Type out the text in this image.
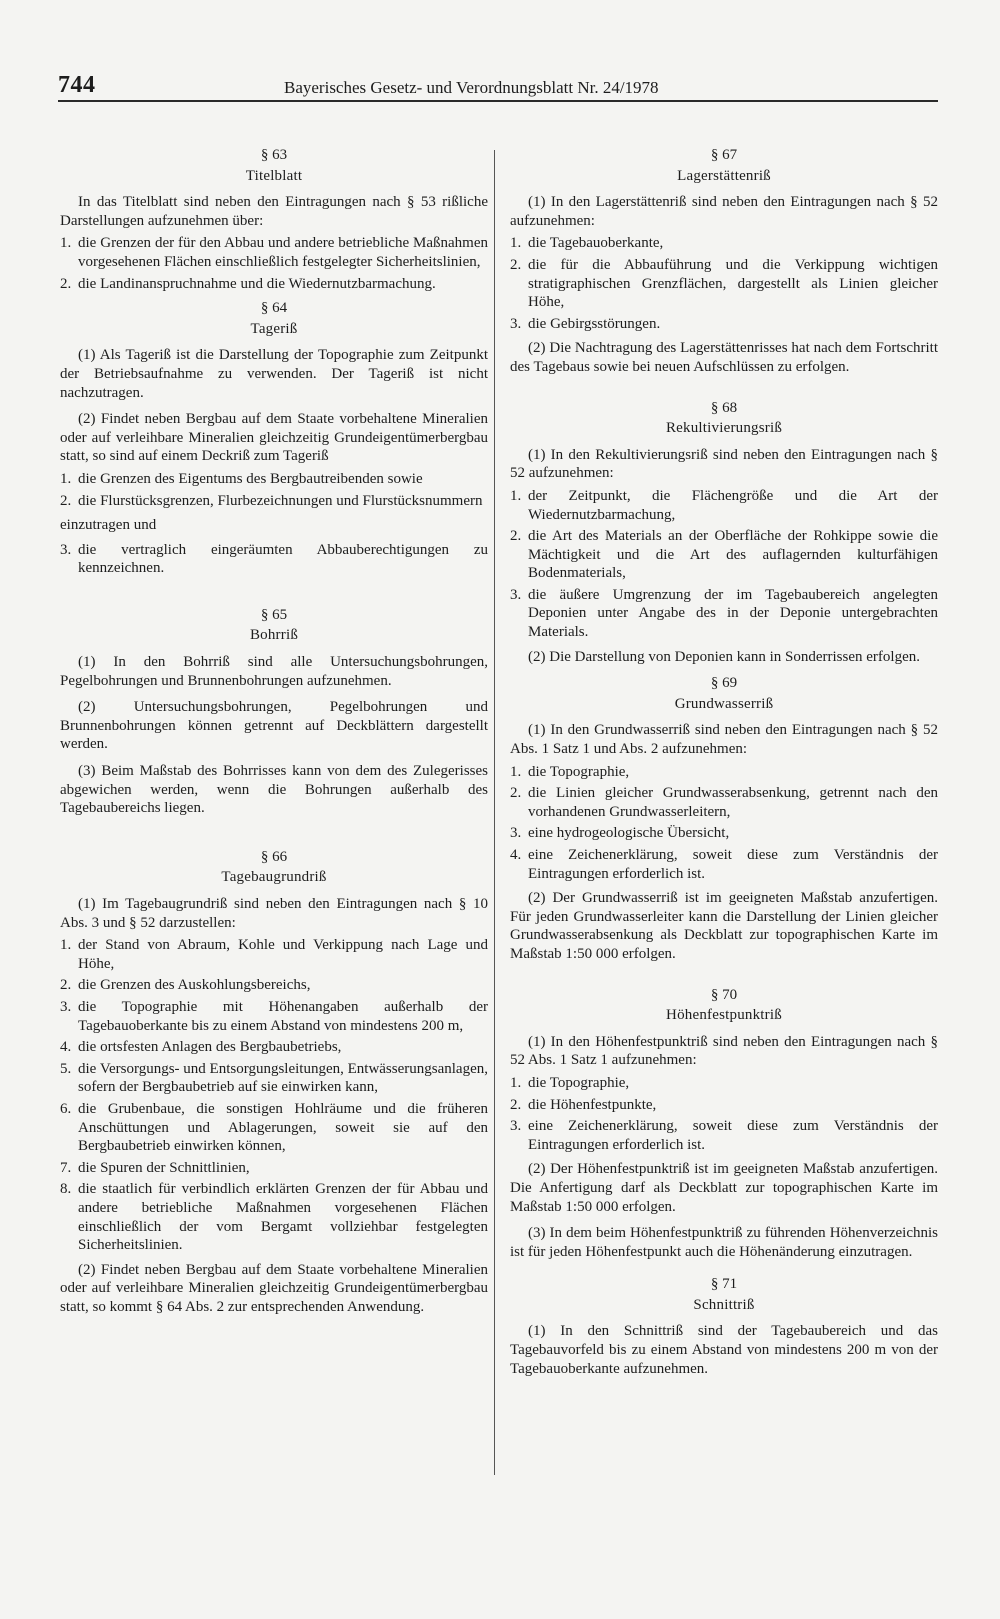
744	Bayerisches Gesetz- und Verordnungsblatt Nr. 24/1978
§ 63
Titelblatt

In das Titelblatt sind neben den Eintragungen nach § 53 rißliche Darstellungen aufzunehmen über:

1. die Grenzen der für den Abbau und andere betriebliche Maßnahmen vorgesehenen Flächen einschließlich festgelegter Sicherheitslinien,
2. die Landinanspruchnahme und die Wiedernutzbarmachung.
§ 64
Tageriß

(1) Als Tageriß ist die Darstellung der Topographie zum Zeitpunkt der Betriebsaufnahme zu verwenden. Der Tageriß ist nicht nachzutragen.

(2) Findet neben Bergbau auf dem Staate vorbehaltene Mineralien oder auf verleihbare Mineralien gleichzeitig Grundeigentümerbergbau statt, so sind auf einem Deckriß zum Tageriß

1. die Grenzen des Eigentums des Bergbautreibenden sowie
2. die Flurstücksgrenzen, Flurbezeichnungen und Flurstücksnummern

einzutragen und

3. die vertraglich eingeräumten Abbauberechtigungen zu kennzeichnen.
§ 65
Bohrriß

(1) In den Bohrriß sind alle Untersuchungsbohrungen, Pegelbohrungen und Brunnenbohrungen aufzunehmen.

(2) Untersuchungsbohrungen, Pegelbohrungen und Brunnenbohrungen können getrennt auf Deckblättern dargestellt werden.

(3) Beim Maßstab des Bohrrisses kann von dem des Zulegerisses abgewichen werden, wenn die Bohrungen außerhalb des Tagebaubereichs liegen.

§ 66
Tagebaugrundriß

(1) Im Tagebaugrundriß sind neben den Eintragungen nach § 10 Abs. 3 und § 52 darzustellen:

1. der Stand von Abraum, Kohle und Verkippung nach Lage und Höhe,
2. die Grenzen des Auskohlungsbereichs,
3. die Topographie mit Höhenangaben außerhalb der Tagebauoberkante bis zu einem Abstand von mindestens 200 m,
4. die ortsfesten Anlagen des Bergbaubetriebs,
5. die Versorgungs- und Entsorgungsleitungen, Entwässerungsanlagen, sofern der Bergbaubetrieb auf sie einwirken kann,
6. die Grubenbaue, die sonstigen Hohlräume und die früheren Anschüttungen und Ablagerungen, soweit sie auf den Bergbaubetrieb einwirken können,
7. die Spuren der Schnittlinien,
8. die staatlich für verbindlich erklärten Grenzen der für Abbau und andere betriebliche Maßnahmen vorgesehenen Flächen einschließlich der vom Bergamt vollziehbar festgelegten Sicherheitslinien.

(2) Findet neben Bergbau auf dem Staate vorbehaltene Mineralien oder auf verleihbare Mineralien gleichzeitig Grundeigentümerbergbau statt, so kommt § 64 Abs. 2 zur entsprechenden Anwendung.

§ 67
Lagerstättenriß

(1) In den Lagerstättenriß sind neben den Eintragungen nach § 52 aufzunehmen:

1. die Tagebauoberkante,
2. die für die Abbauführung und die Verkippung wichtigen stratigraphischen Grenzflächen, dargestellt als Linien gleicher Höhe,
3. die Gebirgsstörungen.

(2) Die Nachtragung des Lagerstättenrisses hat nach dem Fortschritt des Tagebaus sowie bei neuen Aufschlüssen zu erfolgen.

§ 68
Rekultivierungsriß

(1) In den Rekultivierungsriß sind neben den Eintragungen nach § 52 aufzunehmen:

1. der Zeitpunkt, die Flächengröße und die Art der Wiedernutzbarmachung,
2. die Art des Materials an der Oberfläche der Rohkippe sowie die Mächtigkeit und die Art des auflagernden kulturfähigen Bodenmaterials,
3. die äußere Umgrenzung der im Tagebaubereich angelegten Deponien unter Angabe des in der Deponie untergebrachten Materials.

(2) Die Darstellung von Deponien kann in Sonderrissen erfolgen.

§ 69
Grundwasserriß

(1) In den Grundwasserriß sind neben den Eintragungen nach § 52 Abs. 1 Satz 1 und Abs. 2 aufzunehmen:

1. die Topographie,
2. die Linien gleicher Grundwasserabsenkung, getrennt nach den vorhandenen Grundwasserleitern,
3. eine hydrogeologische Übersicht,
4. eine Zeichenerklärung, soweit diese zum Verständnis der Eintragungen erforderlich ist.

(2) Der Grundwasserriß ist im geeigneten Maßstab anzufertigen. Für jeden Grundwasserleiter kann die Darstellung der Linien gleicher Grundwasserabsenkung als Deckblatt zur topographischen Karte im Maßstab 1:50 000 erfolgen.

§ 70
Höhenfestpunktriß

(1) In den Höhenfestpunktriß sind neben den Eintragungen nach § 52 Abs. 1 Satz 1 aufzunehmen:

1. die Topographie,
2. die Höhenfestpunkte,
3. eine Zeichenerklärung, soweit diese zum Verständnis der Eintragungen erforderlich ist.

(2) Der Höhenfestpunktriß ist im geeigneten Maßstab anzufertigen. Die Anfertigung darf als Deckblatt zur topographischen Karte im Maßstab 1:50 000 erfolgen.

(3) In dem beim Höhenfestpunktriß zu führenden Höhenverzeichnis ist für jeden Höhenfestpunkt auch die Höhenänderung einzutragen.

§ 71
Schnittriß

(1) In den Schnittriß sind der Tagebaubereich und das Tagebauvorfeld bis zu einem Abstand von mindestens 200 m von der Tagebauoberkante aufzunehmen.
